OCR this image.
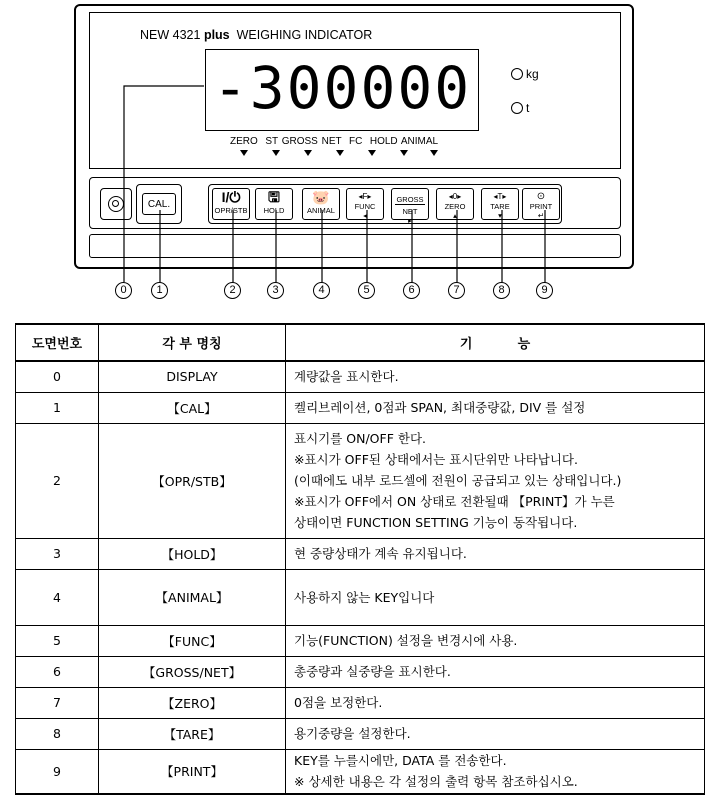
NEW 4321 plus WEIGHING INDICATOR
-300000
ZERO  ST GROSS NET  FC  HOLD ANIMAL
kg
t
CAL.	I/⏻
OPR/STB
🖫
HOLD
🐷
ANIMAL
◂F▸
FUNC
◂
GROSS
NET
▸
◂0▸
ZERO
▴
◂T▸
TARE
▾
⊙
PRINT
↵
0	1	2	3	4	5	6	7	8	9
도면번호	각 부 명칭	기          능
0	DISPLAY	계량값을 표시한다.

1	【CAL】	켈리브레이션, 0점과 SPAN, 최대중량값, DIV 를 설정

2	【OPR/STB】	표시기를 ON/OFF 한다.
※표시가 OFF된 상태에서는 표시단위만 나타납니다.
(이때에도 내부 로드셀에 전원이 공급되고 있는 상태입니다.)
※표시가 OFF에서 ON 상태로 전환될때 【PRINT】가 누른
상태이면 FUNCTION SETTING 기능이 동작됩니다.

3	【HOLD】	현 중량상태가 계속 유지됩니다.

4	【ANIMAL】	사용하지 않는 KEY입니다

5	【FUNC】	기능(FUNCTION) 설정을 변경시에 사용.

6	【GROSS/NET】	총중량과 실중량을 표시한다.

7	【ZERO】	0점을 보정한다.

8	【TARE】	용기중량을 설정한다.

9	【PRINT】	KEY를 누를시에만, DATA 를 전송한다.
※ 상세한 내용은 각 설정의 출력 항목 참조하십시오.
